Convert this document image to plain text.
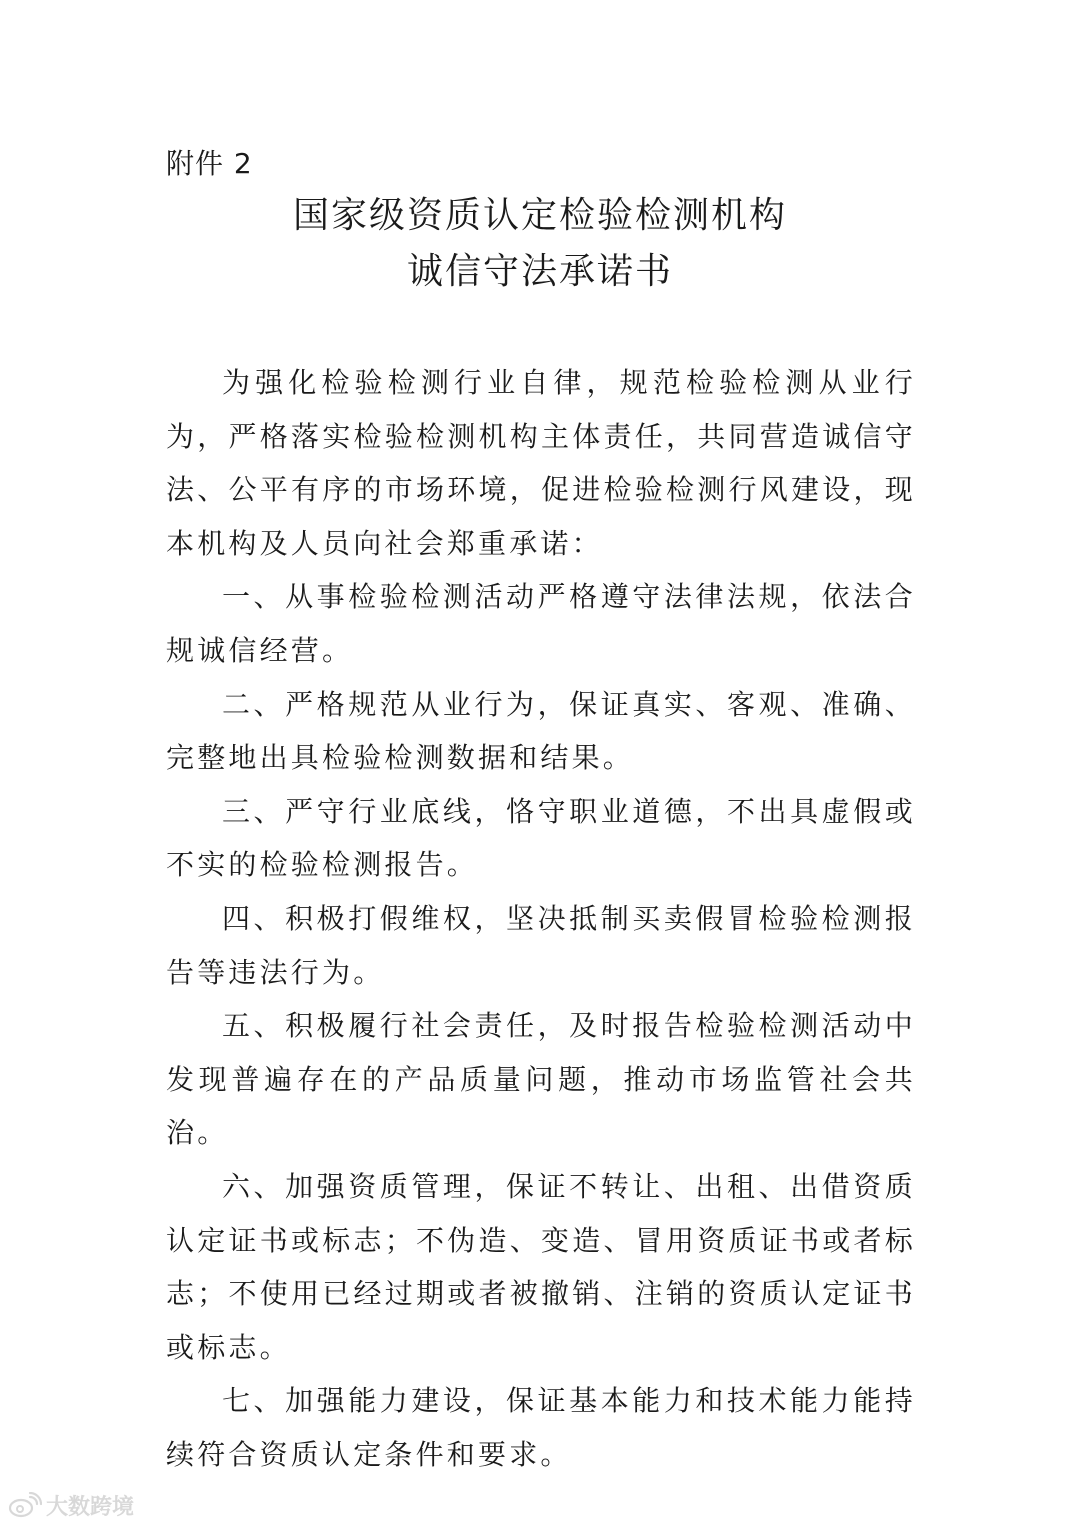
附件 2
国家级资质认定检验检测机构
诚信守法承诺书

为强化检验检测行业自律，规范检验检测从业行为，严格落实检验检测机构主体责任，共同营造诚信守法、公平有序的市场环境，促进检验检测行风建设，现本机构及人员向社会郑重承诺：

一、从事检验检测活动严格遵守法律法规，依法合规诚信经营。

二、严格规范从业行为，保证真实、客观、准确、完整地出具检验检测数据和结果。

三、严守行业底线，恪守职业道德，不出具虚假或不实的检验检测报告。

四、积极打假维权，坚决抵制买卖假冒检验检测报告等违法行为。

五、积极履行社会责任，及时报告检验检测活动中发现普遍存在的产品质量问题，推动市场监管社会共治。

六、加强资质管理，保证不转让、出租、出借资质认定证书或标志；不伪造、变造、冒用资质证书或者标志；不使用已经过期或者被撤销、注销的资质认定证书或标志。

七、加强能力建设，保证基本能力和技术能力能持续符合资质认定条件和要求。

大数跨境
